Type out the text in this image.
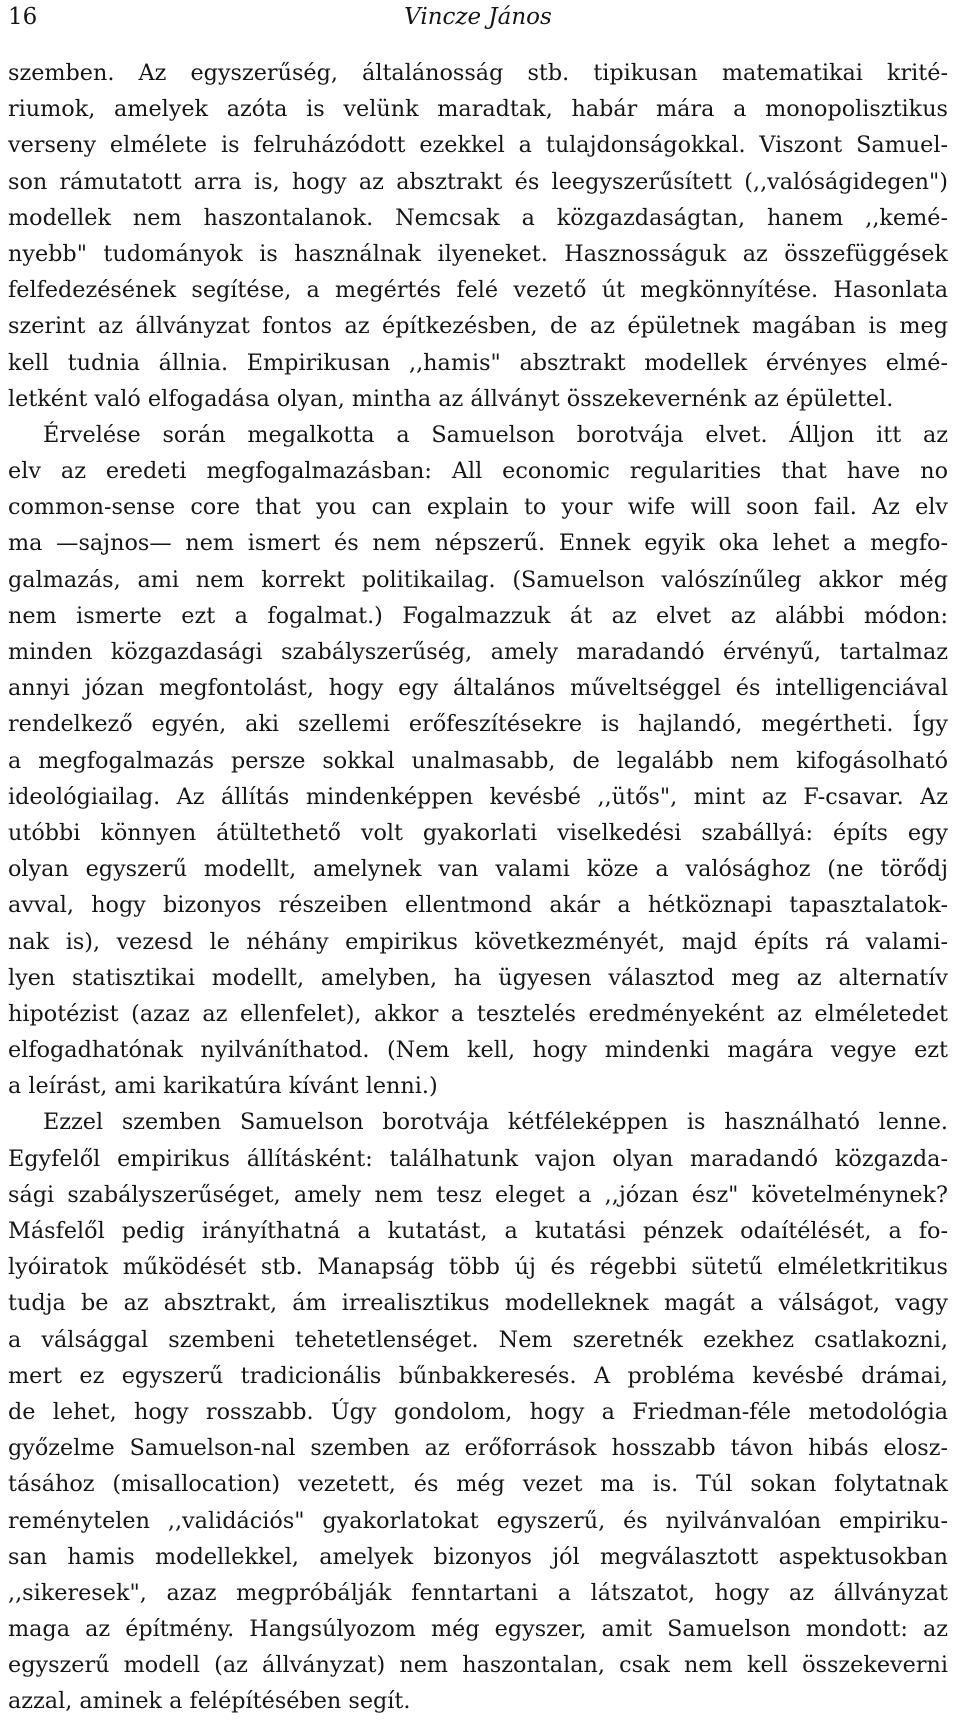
16	Vincze János
szemben. Az egyszerűség, általánosság stb. tipikusan matematikai krité-
riumok, amelyek azóta is velünk maradtak, habár mára a monopolisztikus
verseny elmélete is felruházódott ezekkel a tulajdonságokkal. Viszont Samuel-
son rámutatott arra is, hogy az absztrakt és leegyszerűsített (,,valóságidegen")
modellek nem haszontalanok. Nemcsak a közgazdaságtan, hanem ,,kemé-
nyebb" tudományok is használnak ilyeneket. Hasznosságuk az összefüggések
felfedezésének segítése, a megértés felé vezető út megkönnyítése. Hasonlata
szerint az állványzat fontos az építkezésben, de az épületnek magában is meg
kell tudnia állnia. Empirikusan ,,hamis" absztrakt modellek érvényes elmé-
letként való elfogadása olyan, mintha az állványt összekevernénk az épülettel.
Érvelése során megalkotta a Samuelson borotvája elvet. Álljon itt az
elv az eredeti megfogalmazásban: All economic regularities that have no
common-sense core that you can explain to your wife will soon fail. Az elv
ma —sajnos— nem ismert és nem népszerű. Ennek egyik oka lehet a megfo-
galmazás, ami nem korrekt politikailag. (Samuelson valószínűleg akkor még
nem ismerte ezt a fogalmat.) Fogalmazzuk át az elvet az alábbi módon:
minden közgazdasági szabályszerűség, amely maradandó érvényű, tartalmaz
annyi józan megfontolást, hogy egy általános műveltséggel és intelligenciával
rendelkező egyén, aki szellemi erőfeszítésekre is hajlandó, megértheti. Így
a megfogalmazás persze sokkal unalmasabb, de legalább nem kifogásolható
ideológiailag. Az állítás mindenképpen kevésbé ,,ütős", mint az F-csavar. Az
utóbbi könnyen átültethető volt gyakorlati viselkedési szabállyá: építs egy
olyan egyszerű modellt, amelynek van valami köze a valósághoz (ne törődj
avval, hogy bizonyos részeiben ellentmond akár a hétköznapi tapasztalatok-
nak is), vezesd le néhány empirikus következményét, majd építs rá valami-
lyen statisztikai modellt, amelyben, ha ügyesen választod meg az alternatív
hipotézist (azaz az ellenfelet), akkor a tesztelés eredményeként az elméletedet
elfogadhatónak nyilváníthatod. (Nem kell, hogy mindenki magára vegye ezt
a leírást, ami karikatúra kívánt lenni.)
Ezzel szemben Samuelson borotvája kétféleképpen is használható lenne.
Egyfelől empirikus állításként: találhatunk vajon olyan maradandó közgazda-
sági szabályszerűséget, amely nem tesz eleget a ,,józan ész" követelménynek?
Másfelől pedig irányíthatná a kutatást, a kutatási pénzek odaítélését, a fo-
lyóiratok működését stb. Manapság több új és régebbi sütetű elméletkritikus
tudja be az absztrakt, ám irrealisztikus modelleknek magát a válságot, vagy
a válsággal szembeni tehetetlenséget. Nem szeretnék ezekhez csatlakozni,
mert ez egyszerű tradicionális bűnbakkeresés. A probléma kevésbé drámai,
de lehet, hogy rosszabb. Úgy gondolom, hogy a Friedman-féle metodológia
győzelme Samuelson-nal szemben az erőforrások hosszabb távon hibás elosz-
tásához (misallocation) vezetett, és még vezet ma is. Túl sokan folytatnak
reménytelen ,,validációs" gyakorlatokat egyszerű, és nyilvánvalóan empiriku-
san hamis modellekkel, amelyek bizonyos jól megválasztott aspektusokban
,,sikeresek", azaz megpróbálják fenntartani a látszatot, hogy az állványzat
maga az építmény. Hangsúlyozom még egyszer, amit Samuelson mondott: az
egyszerű modell (az állványzat) nem haszontalan, csak nem kell összekeverni
azzal, aminek a felépítésében segít.
